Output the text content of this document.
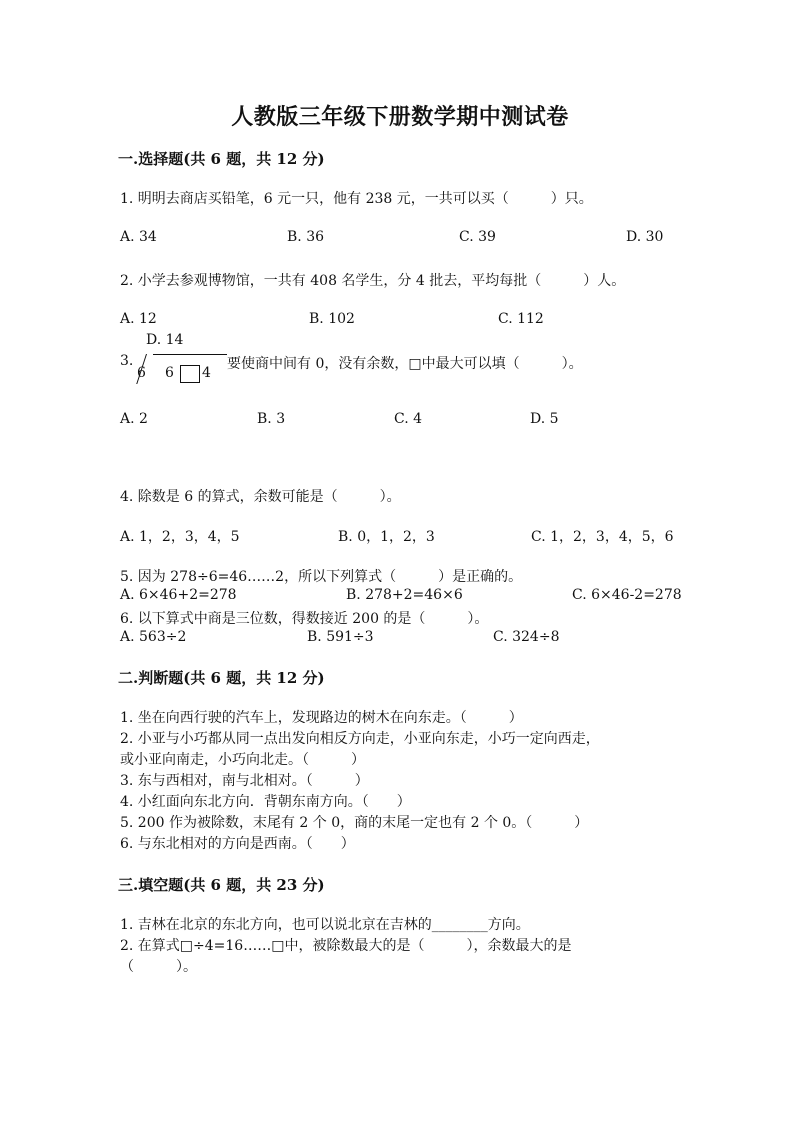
人教版三年级下册数学期中测试卷
一.选择题(共 6 题，共 12 分)
1. 明明去商店买铅笔，6 元一只，他有 238 元，一共可以买（　　　）只。
A. 34	B. 36	C. 39	D. 30
2. 小学去参观博物馆，一共有 408 名学生，分 4 批去，平均每批（　　　）人。
A. 12	B. 102	C. 112
D. 14
3.
6 6 4
要使商中间有 0，没有余数，□中最大可以填（　　　）。
A. 2	B. 3	C. 4	D. 5
4. 除数是 6 的算式，余数可能是（　　　）。
A. 1，2，3，4，5	B. 0，1，2，3	C. 1，2，3，4，5，6
5. 因为 278÷6=46……2，所以下列算式（　　　）是正确的。
A. 6×46+2=278	B. 278+2=46×6	C. 6×46-2=278
6. 以下算式中商是三位数，得数接近 200 的是（　　　）。
A. 563÷2	B. 591÷3	C. 324÷8
二.判断题(共 6 题，共 12 分)
1. 坐在向西行驶的汽车上，发现路边的树木在向东走。（　　　）
2. 小亚与小巧都从同一点出发向相反方向走，小亚向东走，小巧一定向西走，
或小亚向南走，小巧向北走。（　　　）
3. 东与西相对，南与北相对。（　　　）
4. 小红面向东北方向．背朝东南方向。（　　）
5. 200 作为被除数，末尾有 2 个 0，商的末尾一定也有 2 个 0。（　　　）
6. 与东北相对的方向是西南。（　　）
三.填空题(共 6 题，共 23 分)
1. 吉林在北京的东北方向，也可以说北京在吉林的________方向。
2. 在算式□÷4=16……□中，被除数最大的是（　　　），余数最大的是
（　　　）。
